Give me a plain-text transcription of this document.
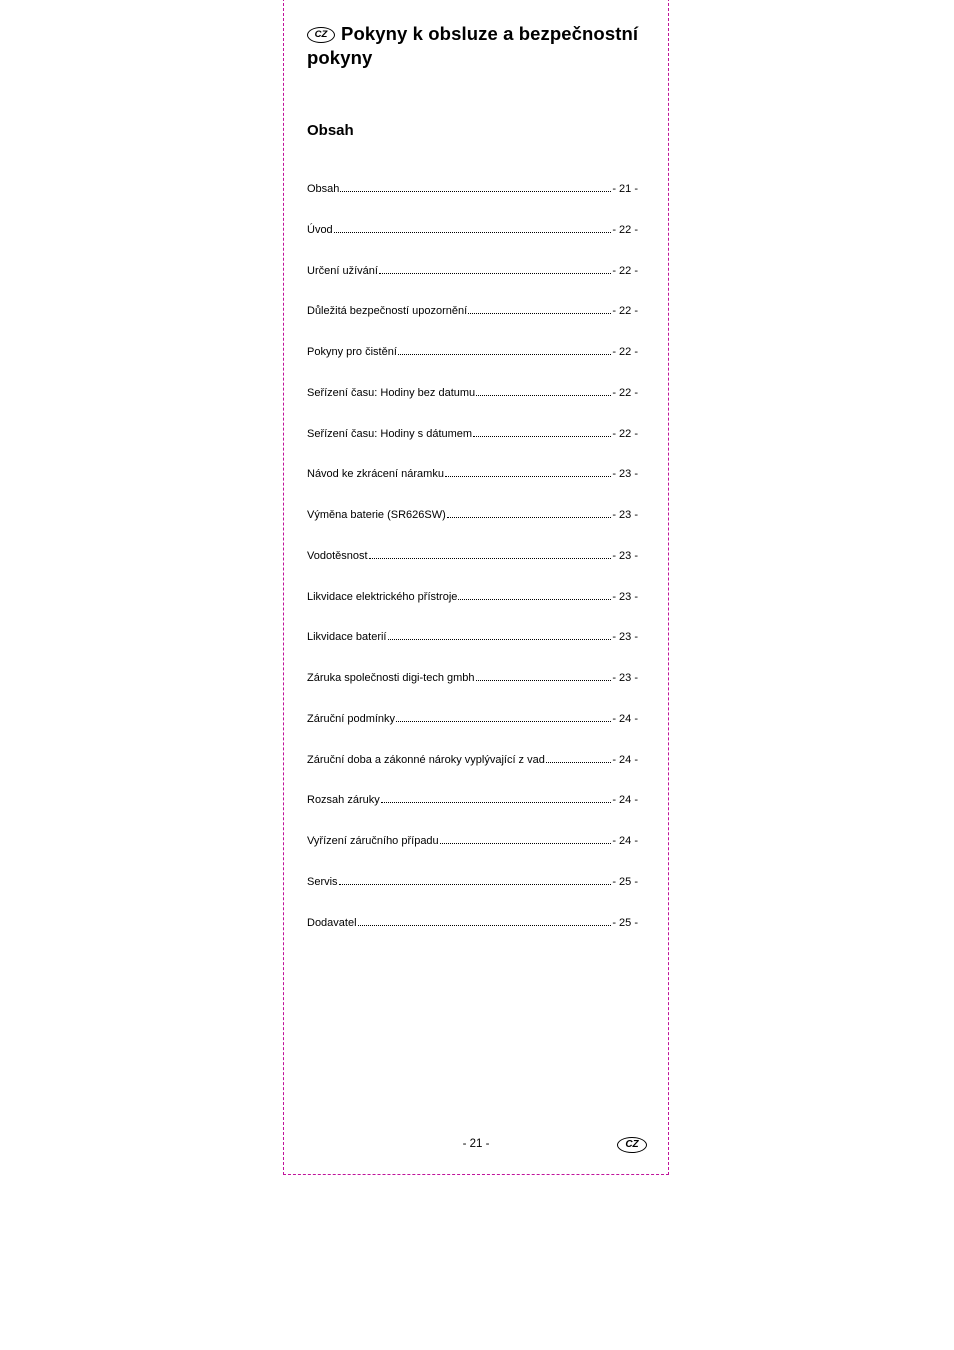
CZ Pokyny k obsluze a bezpečnostní pokyny
Obsah
Obsah	- 21 -
Úvod	- 22 -
Určení užívání	- 22 -
Důležitá bezpečností upozornění	- 22 -
Pokyny pro čistění	- 22 -
Seřízení času: Hodiny bez datumu	- 22 -
Seřízení času: Hodiny s dátumem	- 22 -
Návod ke zkrácení náramku	- 23 -
Výměna baterie (SR626SW)	- 23 -
Vodotěsnost	- 23 -
Likvidace elektrického přístroje	- 23 -
Likvidace baterií	- 23 -
Záruka společnosti digi-tech gmbh	- 23 -
Záruční podmínky	- 24 -
Záruční doba a zákonné nároky vyplývající z vad	- 24 -
Rozsah záruky	- 24 -
Vyřízení záručního případu	- 24 -
Servis	- 25 -
Dodavatel	- 25 -
- 21 -	CZ
